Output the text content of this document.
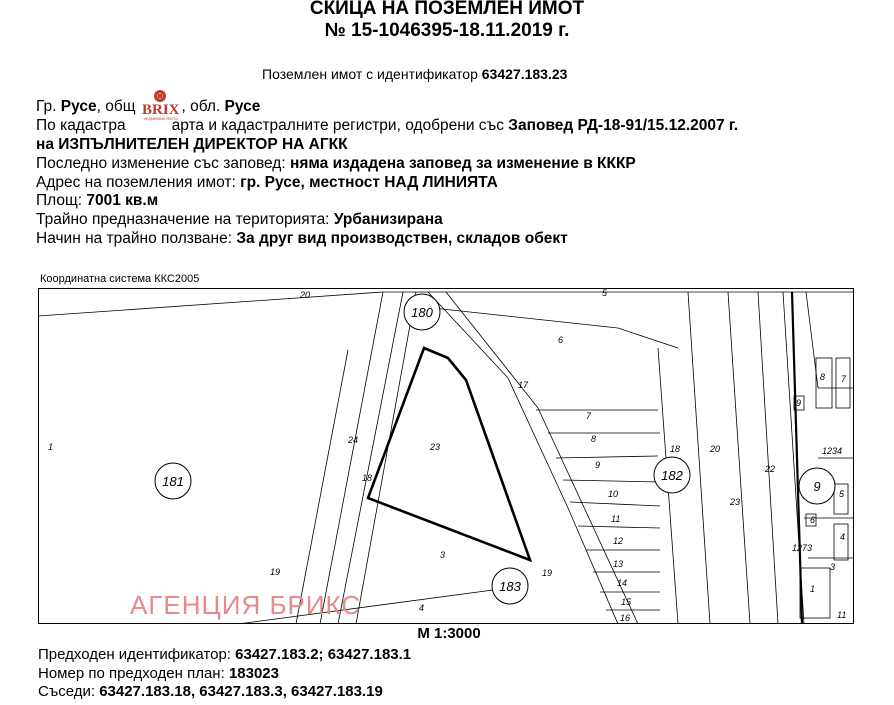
СКИЦА НА ПОЗЕМЛЕН ИМОТ
№ 15-1046395-18.11.2019 г.
Поземлен имот с идентификатор 63427.183.23
BRIX
НЕДВИЖИМИ ИМОТИ
Гр. Русе, общ	, обл. Русе
По кадастра	арта и кадастралните регистри, одобрени със Заповед РД-18-91/15.12.2007 г.
на ИЗПЪЛНИТЕЛЕН ДИРЕКТОР НА АГКК
Последно изменение със заповед: няма издадена заповед за изменение в КККР
Адрес на поземления имот: гр. Русе, местност НАД ЛИНИЯТА
Площ: 7001 кв.м
Трайно предназначение на територията: Урбанизирана
Начин на трайно ползване: За друг вид производствен, складов обект
Координатна система ККС2005
180
181	182
183
9
20	5
6
17
1
24
23
18
7
8
9
10
11
12
13
14
15
16
3
4
19	19
18	20
23
22
1234
8 7
9
5
6
4
1273
3
1
11
АГЕНЦИЯ БРИКС
М 1:3000
Предходен идентификатор: 63427.183.2; 63427.183.1
Номер по предходен план: 183023
Съседи: 63427.183.18, 63427.183.3, 63427.183.19
